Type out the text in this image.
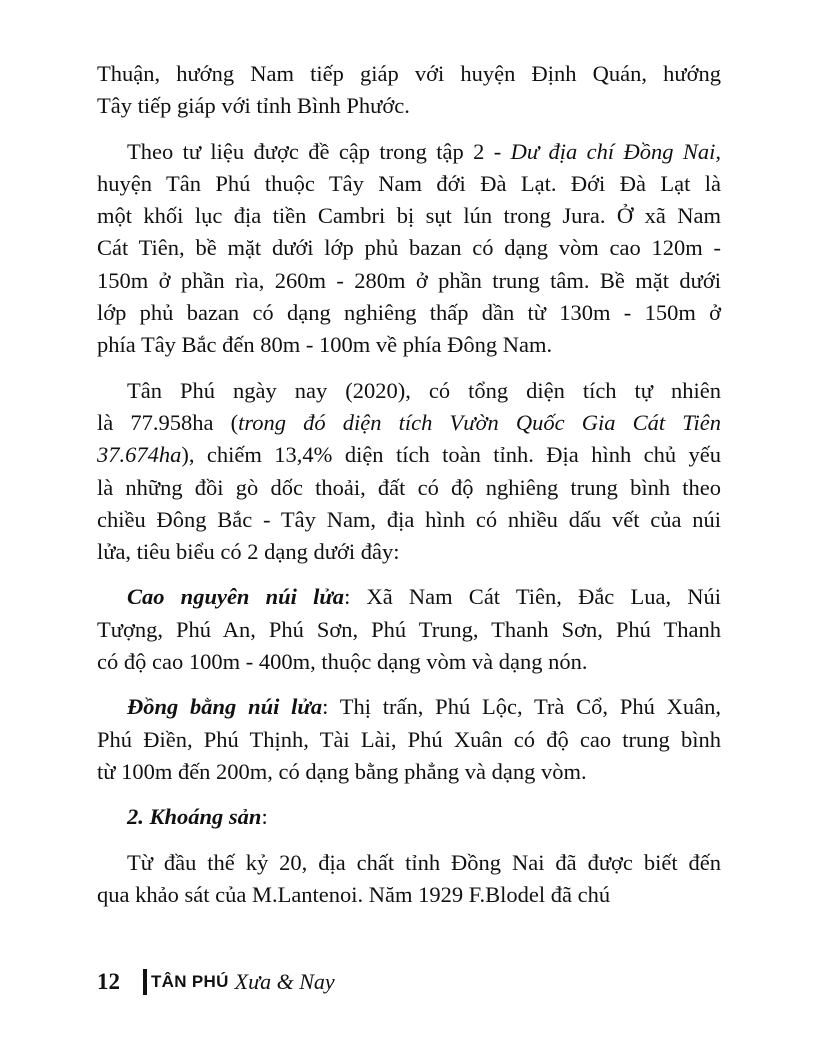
Thuận, hướng Nam tiếp giáp với huyện Định Quán, hướng
Tây tiếp giáp với tỉnh Bình Phước.
Theo tư liệu được đề cập trong tập 2 - Dư địa chí Đồng Nai,
huyện Tân Phú thuộc Tây Nam đới Đà Lạt. Đới Đà Lạt là
một khối lục địa tiền Cambri bị sụt lún trong Jura. Ở xã Nam
Cát Tiên, bề mặt dưới lớp phủ bazan có dạng vòm cao 120m -
150m ở phần rìa, 260m - 280m ở phần trung tâm. Bề mặt dưới
lớp phủ bazan có dạng nghiêng thấp dần từ 130m - 150m ở
phía Tây Bắc đến 80m - 100m về phía Đông Nam.
Tân Phú ngày nay (2020), có tổng diện tích tự nhiên
là 77.958ha (trong đó diện tích Vườn Quốc Gia Cát Tiên
37.674ha), chiếm 13,4% diện tích toàn tỉnh. Địa hình chủ yếu
là những đồi gò dốc thoải, đất có độ nghiêng trung bình theo
chiều Đông Bắc - Tây Nam, địa hình có nhiều dấu vết của núi
lửa, tiêu biểu có 2 dạng dưới đây:
Cao nguyên núi lửa: Xã Nam Cát Tiên, Đắc Lua, Núi
Tượng, Phú An, Phú Sơn, Phú Trung, Thanh Sơn, Phú Thanh
có độ cao 100m - 400m, thuộc dạng vòm và dạng nón.
Đồng bằng núi lửa: Thị trấn, Phú Lộc, Trà Cổ, Phú Xuân,
Phú Điền, Phú Thịnh, Tài Lài, Phú Xuân có độ cao trung bình
từ 100m đến 200m, có dạng bằng phẳng và dạng vòm.
2. Khoáng sản:
Từ đầu thế kỷ 20, địa chất tỉnh Đồng Nai đã được biết đến
qua khảo sát của M.Lantenoi. Năm 1929 F.Blodel đã chú
12	TÂN PHÚ Xưa & Nay
